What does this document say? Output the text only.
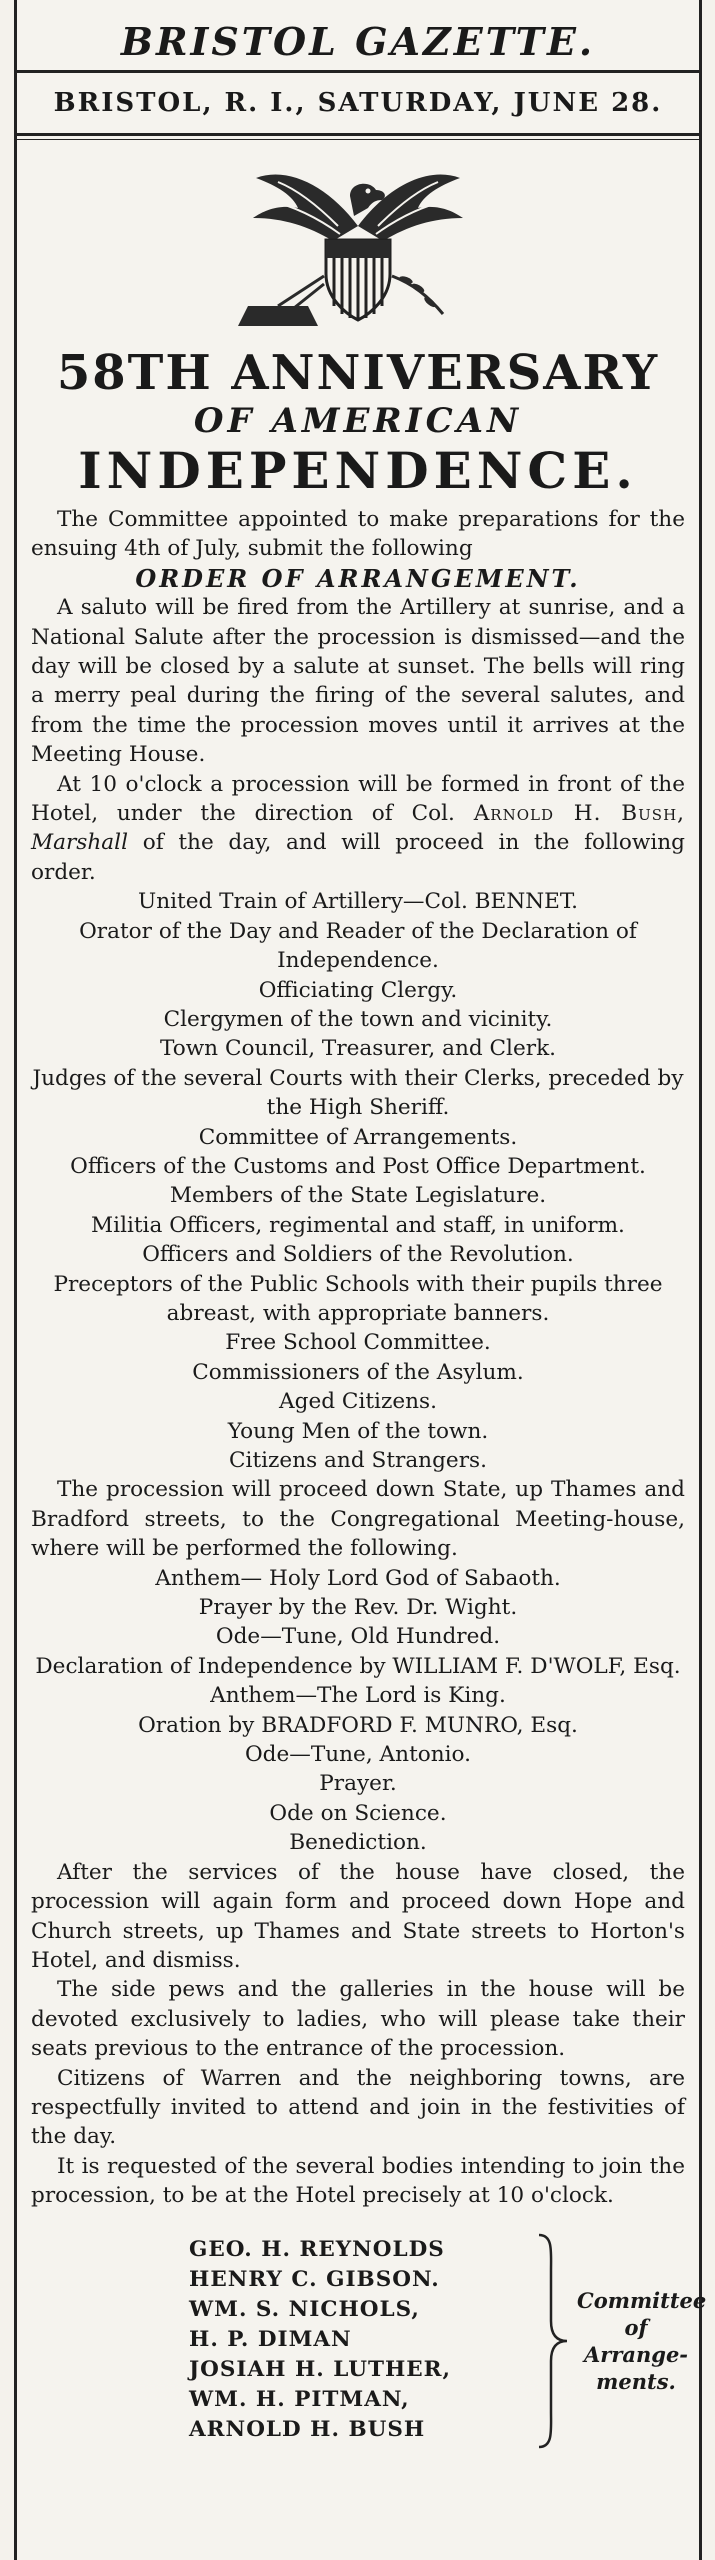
BRISTOL GAZETTE.
BRISTOL, R. I., SATURDAY, JUNE 28.
58TH ANNIVERSARY
OF AMERICAN
INDEPENDENCE.

The Committee appointed to make preparations for the ensuing 4th of July, submit the following

ORDER OF ARRANGEMENT.

A saluto will be fired from the Artillery at sunrise, and a National Salute after the procession is dismissed—and the day will be closed by a salute at sunset. The bells will ring a merry peal during the firing of the several salutes, and from the time the procession moves until it arrives at the Meeting House.

At 10 o'clock a procession will be formed in front of the Hotel, under the direction of Col. Arnold H. Bush, Marshall of the day, and will proceed in the following order.

United Train of Artillery—Col. BENNET.

Orator of the Day and Reader of the Declaration of Independence.

Officiating Clergy.

Clergymen of the town and vicinity.

Town Council, Treasurer, and Clerk.

Judges of the several Courts with their Clerks, preceded by the High Sheriff.

Committee of Arrangements.

Officers of the Customs and Post Office Department.

Members of the State Legislature.

Militia Officers, regimental and staff, in uniform.

Officers and Soldiers of the Revolution.

Preceptors of the Public Schools with their pupils three abreast, with appropriate banners.

Free School Committee.

Commissioners of the Asylum.

Aged Citizens.

Young Men of the town.

Citizens and Strangers.

The procession will proceed down State, up Thames and Bradford streets, to the Congregational Meeting-house, where will be performed the following.

Anthem— Holy Lord God of Sabaoth.

Prayer by the Rev. Dr. Wight.

Ode—Tune, Old Hundred.

Declaration of Independence by WILLIAM F. D'WOLF, Esq.

Anthem—The Lord is King.

Oration by BRADFORD F. MUNRO, Esq.

Ode—Tune, Antonio.

Prayer.

Ode on Science.

Benediction.

After the services of the house have closed, the procession will again form and proceed down Hope and Church streets, up Thames and State streets to Horton's Hotel, and dismiss.

The side pews and the galleries in the house will be devoted exclusively to ladies, who will please take their seats previous to the entrance of the procession.

Citizens of Warren and the neighboring towns, are respectfully invited to attend and join in the festivities of the day.

It is requested of the several bodies intending to join the procession, to be at the Hotel precisely at 10 o'clock.

GEO. H. REYNOLDS
HENRY C. GIBSON.
WM. S. NICHOLS,
H. P. DIMAN
JOSIAH H. LUTHER,
WM. H. PITMAN,
ARNOLD H. BUSH
Committee
of
Arrange-
ments.
